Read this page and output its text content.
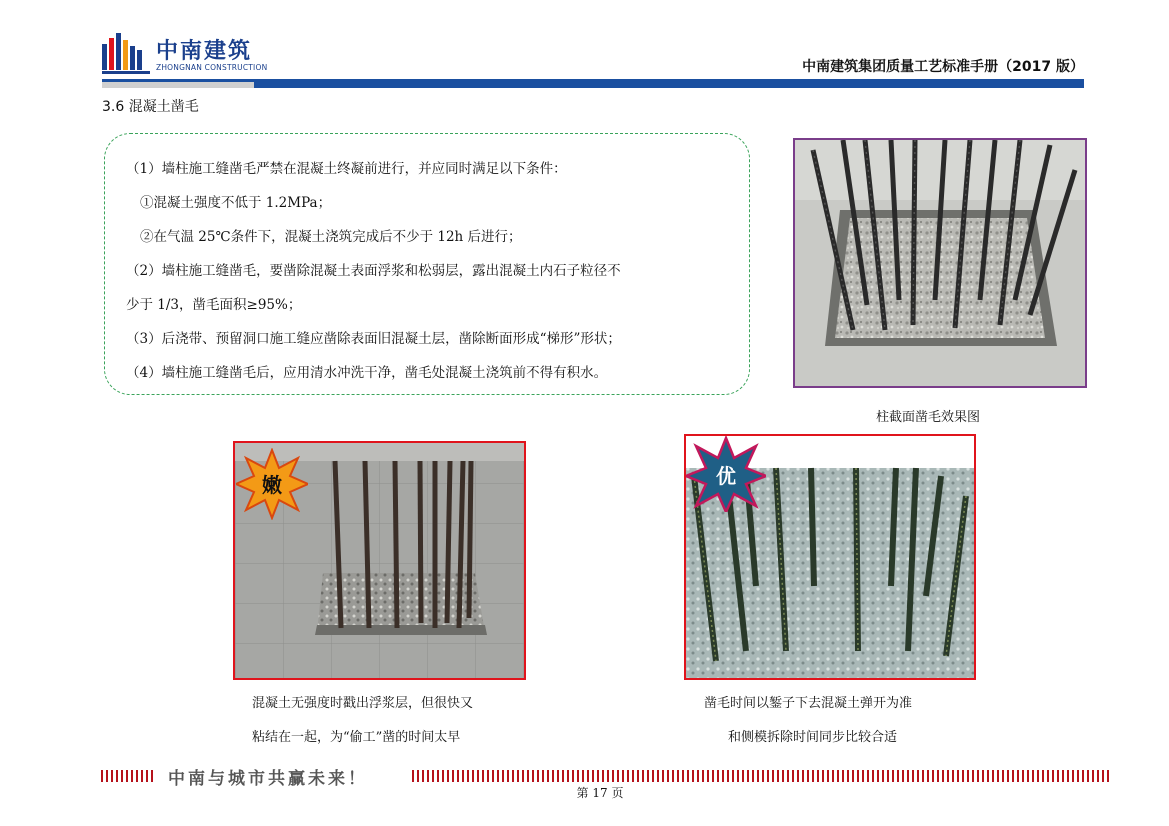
中南建筑
ZHONGNAN CONSTRUCTION	中南建筑集团质量工艺标准手册（2017 版）
3.6 混凝土凿毛
（1）墙柱施工缝凿毛严禁在混凝土终凝前进行，并应同时满足以下条件：
①混凝土强度不低于 1.2MPa；
②在气温 25℃条件下，混凝土浇筑完成后不少于 12h 后进行；
（2）墙柱施工缝凿毛，要凿除混凝土表面浮浆和松弱层，露出混凝土内石子粒径不
少于 1/3，凿毛面积≥95%；
（3）后浇带、预留洞口施工缝应凿除表面旧混凝土层，凿除断面形成“梯形”形状；
（4）墙柱施工缝凿毛后，应用清水冲洗干净，凿毛处混凝土浇筑前不得有积水。
柱截面凿毛效果图
嫩
混凝土无强度时戳出浮浆层，但很快又
粘结在一起，为“偷工”凿的时间太早
优
凿毛时间以錾子下去混凝土弹开为准
和侧模拆除时间同步比较合适
中南与城市共赢未来！
第 17 页
